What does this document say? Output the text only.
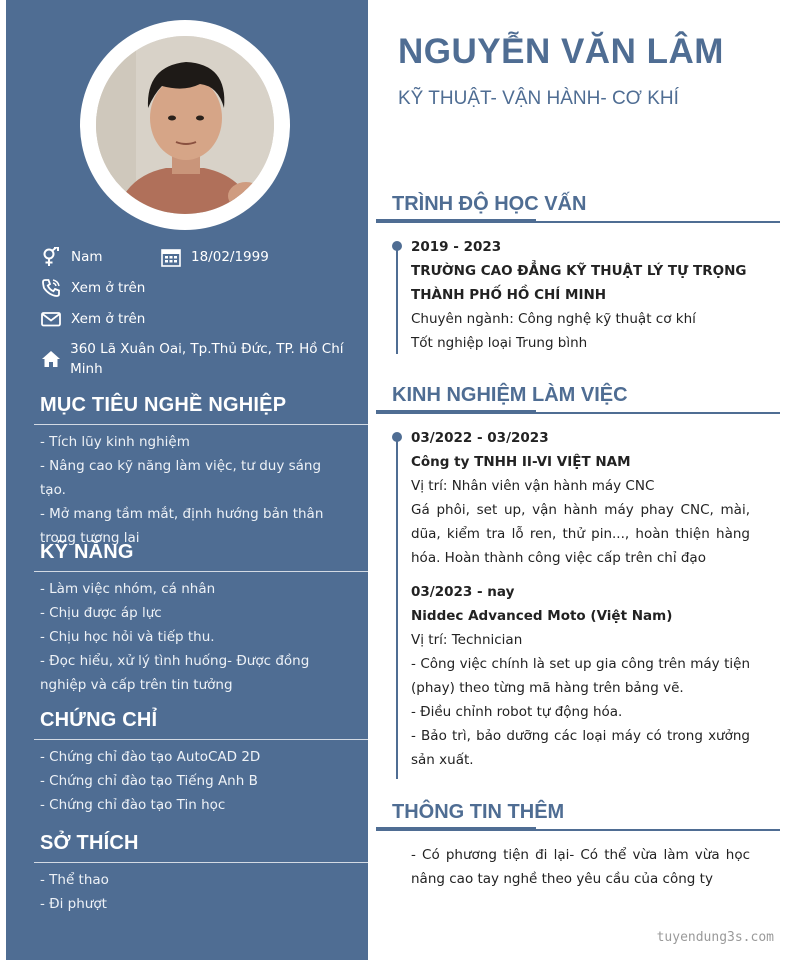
Nam	18/02/1999
Xem ở trên
Xem ở trên
360 Lã Xuân Oai, Tp.Thủ Đức, TP. Hồ Chí Minh
MỤC TIÊU NGHỀ NGHIỆP
- Tích lũy kinh nghiệm
- Nâng cao kỹ năng làm việc, tư duy sáng tạo.
- Mở mang tầm mắt, định hướng bản thân trong tương lai
KỸ NĂNG
- Làm việc nhóm, cá nhân
- Chịu được áp lực
- Chịu học hỏi và tiếp thu.
- Đọc hiểu, xử lý tình huống- Được đồng nghiệp và cấp trên tin tưởng
CHỨNG CHỈ
- Chứng chỉ đào tạo AutoCAD 2D
- Chứng chỉ đào tạo Tiếng Anh B
- Chứng chỉ đào tạo Tin học
SỞ THÍCH
- Thể thao
- Đi phượt
NGUYỄN VĂN LÂM
KỸ THUẬT- VẬN HÀNH- CƠ KHÍ
TRÌNH ĐỘ HỌC VẤN
2019 - 2023
TRƯỜNG CAO ĐẲNG KỸ THUẬT LÝ TỰ TRỌNG THÀNH PHỐ HỒ CHÍ MINH
Chuyên ngành: Công nghệ kỹ thuật cơ khí
Tốt nghiệp loại Trung bình
KINH NGHIỆM LÀM VIỆC
03/2022 - 03/2023
Công ty TNHH II-VI VIỆT NAM
Vị trí: Nhân viên vận hành máy CNC
Gá phôi, set up, vận hành máy phay CNC, mài, dũa, kiểm tra lỗ ren, thử pin..., hoàn thiện hàng hóa. Hoàn thành công việc cấp trên chỉ đạo
03/2023 - nay
Niddec Advanced Moto (Việt Nam)
Vị trí: Technician
- Công việc chính là set up gia công trên máy tiện (phay) theo từng mã hàng trên bảng vẽ.
- Điều chỉnh robot tự động hóa.
- Bảo trì, bảo dưỡng các loại máy có trong xưởng sản xuất.
THÔNG TIN THÊM
- Có phương tiện đi lại- Có thể vừa làm vừa học nâng cao tay nghề theo yêu cầu của công ty
tuyendung3s.com
